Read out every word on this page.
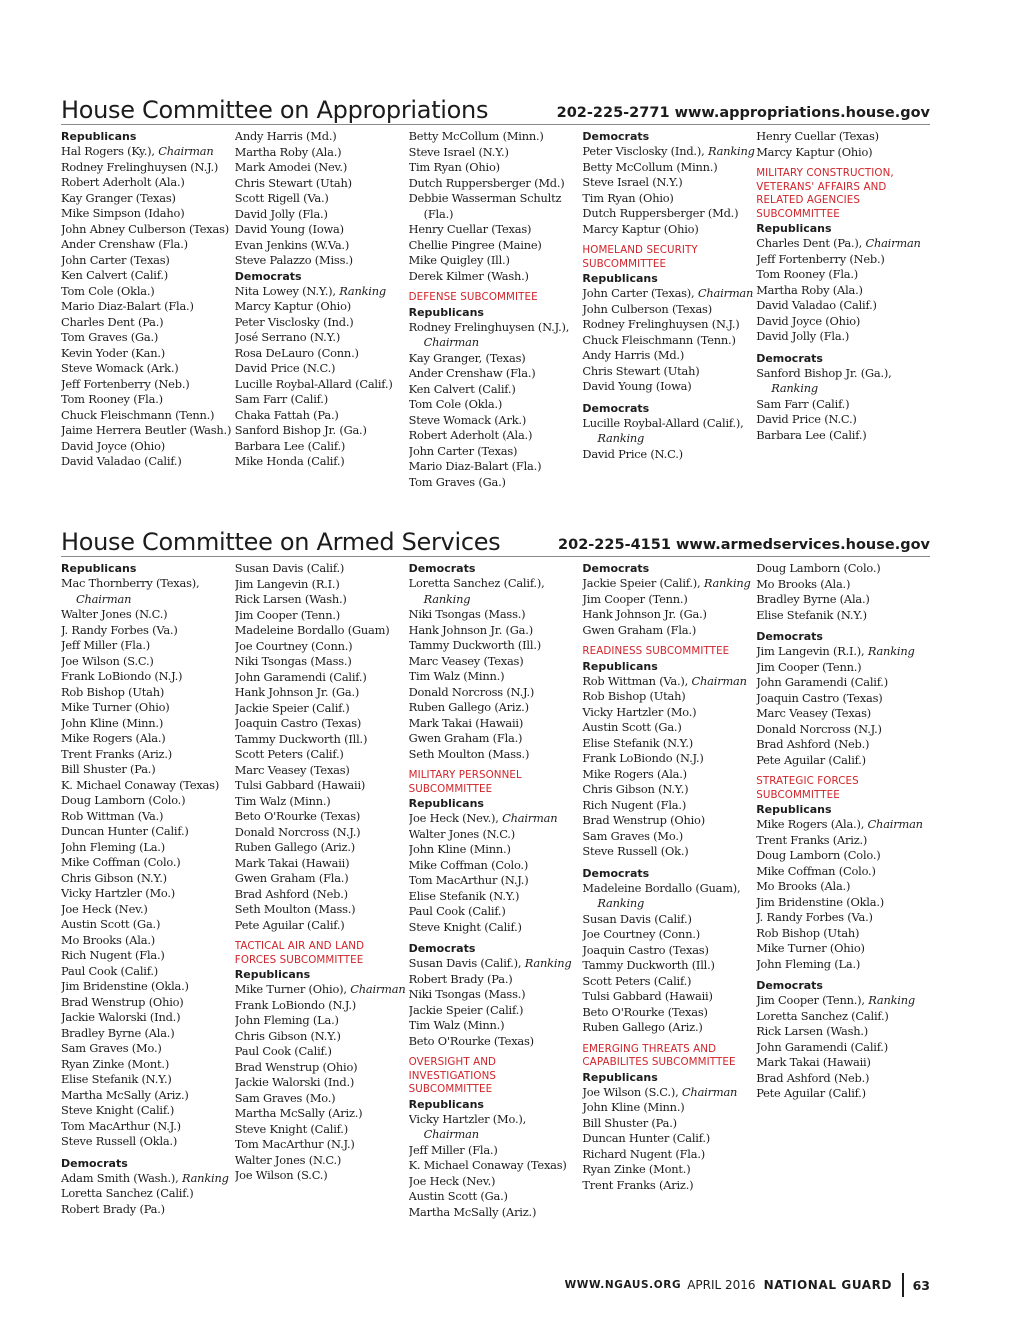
House Committee on Appropriations	202-225-2771 www.appropriations.house.gov
Republicans
Hal Rogers (Ky.), Chairman
Rodney Frelinghuysen (N.J.)
Robert Aderholt (Ala.)
Kay Granger (Texas)
Mike Simpson (Idaho)
John Abney Culberson (Texas)
Ander Crenshaw (Fla.)
John Carter (Texas)
Ken Calvert (Calif.)
Tom Cole (Okla.)
Mario Diaz-Balart (Fla.)
Charles Dent (Pa.)
Tom Graves (Ga.)
Kevin Yoder (Kan.)
Steve Womack (Ark.)
Jeff Fortenberry (Neb.)
Tom Rooney (Fla.)
Chuck Fleischmann (Tenn.)
Jaime Herrera Beutler (Wash.)
David Joyce (Ohio)
David Valadao (Calif.)
Andy Harris (Md.)
Martha Roby (Ala.)
Mark Amodei (Nev.)
Chris Stewart (Utah)
Scott Rigell (Va.)
David Jolly (Fla.)
David Young (Iowa)
Evan Jenkins (W.Va.)
Steve Palazzo (Miss.)
Democrats
Nita Lowey (N.Y.), Ranking
Marcy Kaptur (Ohio)
Peter Visclosky (Ind.)
José Serrano (N.Y.)
Rosa DeLauro (Conn.)
David Price (N.C.)
Lucille Roybal-Allard (Calif.)
Sam Farr (Calif.)
Chaka Fattah (Pa.)
Sanford Bishop Jr. (Ga.)
Barbara Lee (Calif.)
Mike Honda (Calif.)
Betty McCollum (Minn.)
Steve Israel (N.Y.)
Tim Ryan (Ohio)
Dutch Ruppersberger (Md.)
Debbie Wasserman Schultz (Fla.)
Henry Cuellar (Texas)
Chellie Pingree (Maine)
Mike Quigley (Ill.)
Derek Kilmer (Wash.)
DEFENSE SUBCOMMITEE
Republicans
Rodney Frelinghuysen (N.J.), Chairman
Kay Granger, (Texas)
Ander Crenshaw (Fla.)
Ken Calvert (Calif.)
Tom Cole (Okla.)
Steve Womack (Ark.)
Robert Aderholt (Ala.)
John Carter (Texas)
Mario Diaz-Balart (Fla.)
Tom Graves (Ga.)
Democrats
Peter Visclosky (Ind.), Ranking
Betty McCollum (Minn.)
Steve Israel (N.Y.)
Tim Ryan (Ohio)
Dutch Ruppersberger (Md.)
Marcy Kaptur (Ohio)
HOMELAND SECURITY SUBCOMMITTEE
Republicans
John Carter (Texas), Chairman
John Culberson (Texas)
Rodney Frelinghuysen (N.J.)
Chuck Fleischmann (Tenn.)
Andy Harris (Md.)
Chris Stewart (Utah)
David Young (Iowa)
Democrats
Lucille Roybal-Allard (Calif.), Ranking
David Price (N.C.)
Henry Cuellar (Texas)
Marcy Kaptur (Ohio)
MILITARY CONSTRUCTION, VETERANS' AFFAIRS AND RELATED AGENCIES SUBCOMMITTEE
Republicans
Charles Dent (Pa.), Chairman
Jeff Fortenberry (Neb.)
Tom Rooney (Fla.)
Martha Roby (Ala.)
David Valadao (Calif.)
David Joyce (Ohio)
David Jolly (Fla.)
Democrats
Sanford Bishop Jr. (Ga.), Ranking
Sam Farr (Calif.)
David Price (N.C.)
Barbara Lee (Calif.)
House Committee on Armed Services	202-225-4151 www.armedservices.house.gov
Republicans
Mac Thornberry (Texas), Chairman
Walter Jones (N.C.)
J. Randy Forbes (Va.)
Jeff Miller (Fla.)
Joe Wilson (S.C.)
Frank LoBiondo (N.J.)
Rob Bishop (Utah)
Mike Turner (Ohio)
John Kline (Minn.)
Mike Rogers (Ala.)
Trent Franks (Ariz.)
Bill Shuster (Pa.)
K. Michael Conaway (Texas)
Doug Lamborn (Colo.)
Rob Wittman (Va.)
Duncan Hunter (Calif.)
John Fleming (La.)
Mike Coffman (Colo.)
Chris Gibson (N.Y.)
Vicky Hartzler (Mo.)
Joe Heck (Nev.)
Austin Scott (Ga.)
Mo Brooks (Ala.)
Rich Nugent (Fla.)
Paul Cook (Calif.)
Jim Bridenstine (Okla.)
Brad Wenstrup (Ohio)
Jackie Walorski (Ind.)
Bradley Byrne (Ala.)
Sam Graves (Mo.)
Ryan Zinke (Mont.)
Elise Stefanik (N.Y.)
Martha McSally (Ariz.)
Steve Knight (Calif.)
Tom MacArthur (N.J.)
Steve Russell (Okla.)
Democrats
Adam Smith (Wash.), Ranking
Loretta Sanchez (Calif.)
Robert Brady (Pa.)
Susan Davis (Calif.)
Jim Langevin (R.I.)
Rick Larsen (Wash.)
Jim Cooper (Tenn.)
Madeleine Bordallo (Guam)
Joe Courtney (Conn.)
Niki Tsongas (Mass.)
John Garamendi (Calif.)
Hank Johnson Jr. (Ga.)
Jackie Speier (Calif.)
Joaquin Castro (Texas)
Tammy Duckworth (Ill.)
Scott Peters (Calif.)
Marc Veasey (Texas)
Tulsi Gabbard (Hawaii)
Tim Walz (Minn.)
Beto O'Rourke (Texas)
Donald Norcross (N.J.)
Ruben Gallego (Ariz.)
Mark Takai (Hawaii)
Gwen Graham (Fla.)
Brad Ashford (Neb.)
Seth Moulton (Mass.)
Pete Aguilar (Calif.)
TACTICAL AIR AND LAND FORCES SUBCOMMITTEE
Republicans
Mike Turner (Ohio), Chairman
Frank LoBiondo (N.J.)
John Fleming (La.)
Chris Gibson (N.Y.)
Paul Cook (Calif.)
Brad Wenstrup (Ohio)
Jackie Walorski (Ind.)
Sam Graves (Mo.)
Martha McSally (Ariz.)
Steve Knight (Calif.)
Tom MacArthur (N.J.)
Walter Jones (N.C.)
Joe Wilson (S.C.)
Democrats
Loretta Sanchez (Calif.), Ranking
Niki Tsongas (Mass.)
Hank Johnson Jr. (Ga.)
Tammy Duckworth (Ill.)
Marc Veasey (Texas)
Tim Walz (Minn.)
Donald Norcross (N.J.)
Ruben Gallego (Ariz.)
Mark Takai (Hawaii)
Gwen Graham (Fla.)
Seth Moulton (Mass.)
MILITARY PERSONNEL SUBCOMMITTEE
Republicans
Joe Heck (Nev.), Chairman
Walter Jones (N.C.)
John Kline (Minn.)
Mike Coffman (Colo.)
Tom MacArthur (N.J.)
Elise Stefanik (N.Y.)
Paul Cook (Calif.)
Steve Knight (Calif.)
Democrats
Susan Davis (Calif.), Ranking
Robert Brady (Pa.)
Niki Tsongas (Mass.)
Jackie Speier (Calif.)
Tim Walz (Minn.)
Beto O'Rourke (Texas)
OVERSIGHT AND INVESTIGATIONS SUBCOMMITTEE
Republicans
Vicky Hartzler (Mo.), Chairman
Jeff Miller (Fla.)
K. Michael Conaway (Texas)
Joe Heck (Nev.)
Austin Scott (Ga.)
Martha McSally (Ariz.)
Democrats
Jackie Speier (Calif.), Ranking
Jim Cooper (Tenn.)
Hank Johnson Jr. (Ga.)
Gwen Graham (Fla.)
READINESS SUBCOMMITTEE
Republicans
Rob Wittman (Va.), Chairman
Rob Bishop (Utah)
Vicky Hartzler (Mo.)
Austin Scott (Ga.)
Elise Stefanik (N.Y.)
Frank LoBiondo (N.J.)
Mike Rogers (Ala.)
Chris Gibson (N.Y.)
Rich Nugent (Fla.)
Brad Wenstrup (Ohio)
Sam Graves (Mo.)
Steve Russell (Ok.)
Democrats
Madeleine Bordallo (Guam), Ranking
Susan Davis (Calif.)
Joe Courtney (Conn.)
Joaquin Castro (Texas)
Tammy Duckworth (Ill.)
Scott Peters (Calif.)
Tulsi Gabbard (Hawaii)
Beto O'Rourke (Texas)
Ruben Gallego (Ariz.)
EMERGING THREATS AND CAPABILITES SUBCOMMITTEE
Republicans
Joe Wilson (S.C.), Chairman
John Kline (Minn.)
Bill Shuster (Pa.)
Duncan Hunter (Calif.)
Richard Nugent (Fla.)
Ryan Zinke (Mont.)
Trent Franks (Ariz.)
Doug Lamborn (Colo.)
Mo Brooks (Ala.)
Bradley Byrne (Ala.)
Elise Stefanik (N.Y.)
Democrats
Jim Langevin (R.I.), Ranking
Jim Cooper (Tenn.)
John Garamendi (Calif.)
Joaquin Castro (Texas)
Marc Veasey (Texas)
Donald Norcross (N.J.)
Brad Ashford (Neb.)
Pete Aguilar (Calif.)
STRATEGIC FORCES SUBCOMMITTEE
Republicans
Mike Rogers (Ala.), Chairman
Trent Franks (Ariz.)
Doug Lamborn (Colo.)
Mike Coffman (Colo.)
Mo Brooks (Ala.)
Jim Bridenstine (Okla.)
J. Randy Forbes (Va.)
Rob Bishop (Utah)
Mike Turner (Ohio)
John Fleming (La.)
Democrats
Jim Cooper (Tenn.), Ranking
Loretta Sanchez (Calif.)
Rick Larsen (Wash.)
John Garamendi (Calif.)
Mark Takai (Hawaii)
Brad Ashford (Neb.)
Pete Aguilar (Calif.)
WWW.NGAUS.ORG APRIL 2016 NATIONAL GUARD 63
